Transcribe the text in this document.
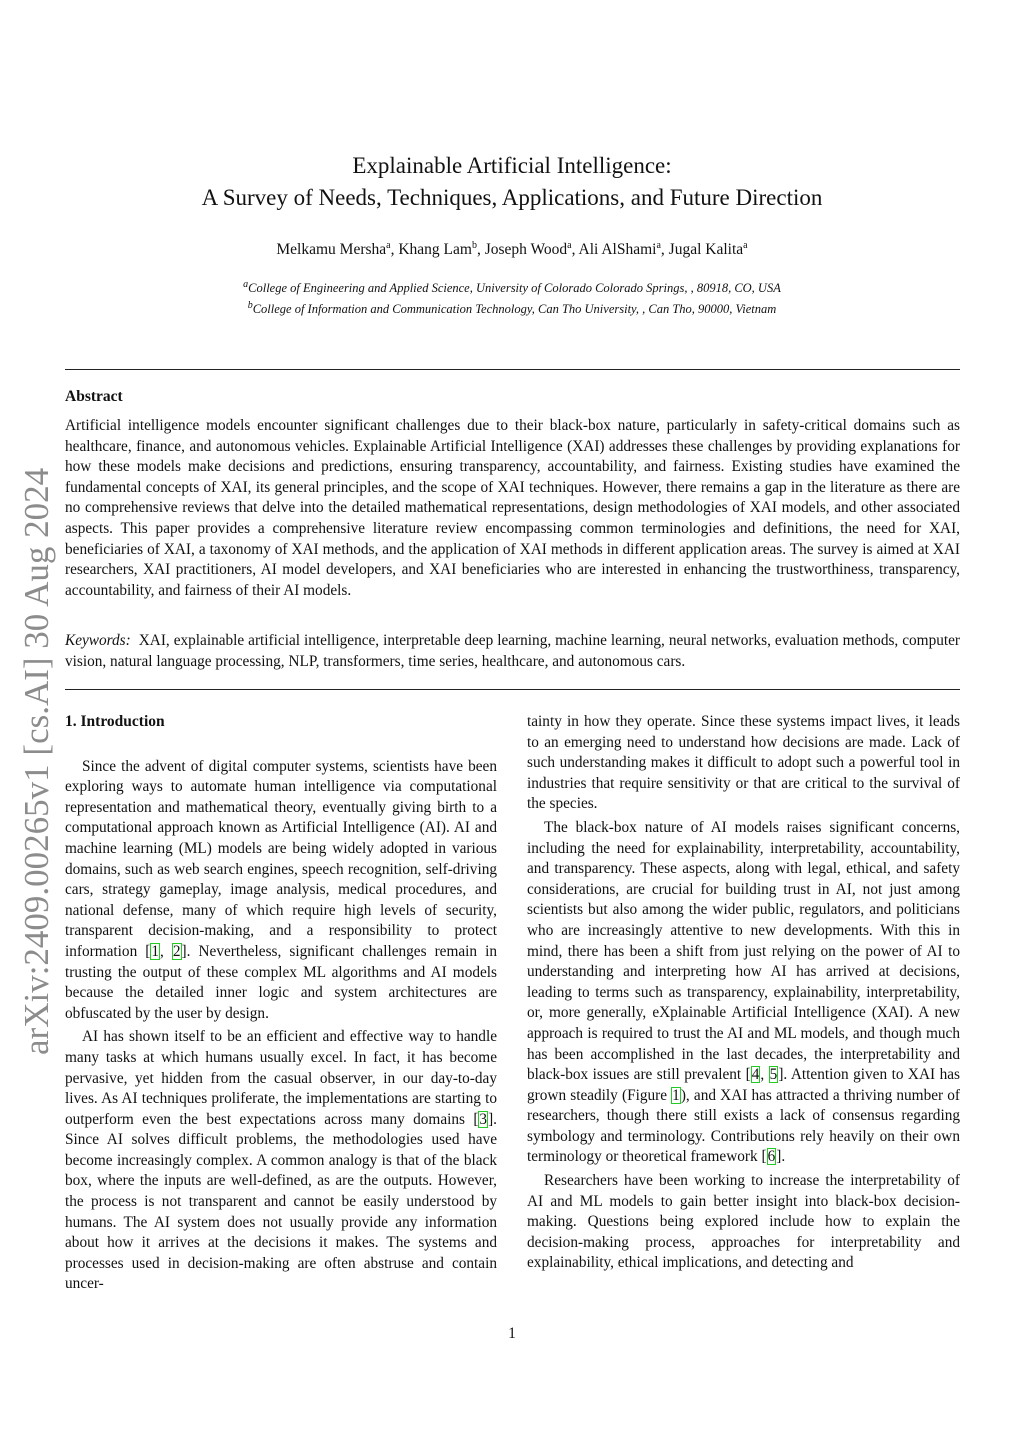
arXiv:2409.00265v1 [cs.AI] 30 Aug 2024
Explainable Artificial Intelligence:
A Survey of Needs, Techniques, Applications, and Future Direction
Melkamu Mersha$^a$, Khang Lam$^b$, Joseph Wood$^a$, Ali AlShami$^a$, Jugal Kalita$^a$
$^a$College of Engineering and Applied Science, University of Colorado Colorado Springs, , 80918, CO, USA
$^b$College of Information and Communication Technology, Can Tho University, , Can Tho, 90000, Vietnam
Abstract
Artificial intelligence models encounter significant challenges due to their black-box nature, particularly in safety-critical domains such as healthcare, finance, and autonomous vehicles. Explainable Artificial Intelligence (XAI) addresses these challenges by providing explanations for how these models make decisions and predictions, ensuring transparency, accountability, and fairness. Existing studies have examined the fundamental concepts of XAI, its general principles, and the scope of XAI techniques. However, there remains a gap in the literature as there are no comprehensive reviews that delve into the detailed mathematical representations, design methodologies of XAI models, and other associated aspects. This paper provides a comprehensive literature review encompassing common terminologies and definitions, the need for XAI, beneficiaries of XAI, a taxonomy of XAI methods, and the application of XAI methods in different application areas. The survey is aimed at XAI researchers, XAI practitioners, AI model developers, and XAI beneficiaries who are interested in enhancing the trustworthiness, transparency, accountability, and fairness of their AI models.
Keywords: XAI, explainable artificial intelligence, interpretable deep learning, machine learning, neural networks, evaluation methods, computer vision, natural language processing, NLP, transformers, time series, healthcare, and autonomous cars.
1. Introduction

Since the advent of digital computer systems, scientists have been exploring ways to automate human intelligence via computational representation and mathematical theory, eventually giving birth to a computational approach known as Artificial Intelligence (AI). AI and machine learning (ML) models are being widely adopted in various domains, such as web search engines, speech recognition, self-driving cars, strategy gameplay, image analysis, medical procedures, and national defense, many of which require high levels of security, transparent decision-making, and a responsibility to protect information [1, 2]. Nevertheless, significant challenges remain in trusting the output of these complex ML algorithms and AI models because the detailed inner logic and system architectures are obfuscated by the user by design.

AI has shown itself to be an efficient and effective way to handle many tasks at which humans usually excel. In fact, it has become pervasive, yet hidden from the casual observer, in our day-to-day lives. As AI techniques proliferate, the implementations are starting to outperform even the best expectations across many domains [3]. Since AI solves difficult problems, the methodologies used have become increasingly complex. A common analogy is that of the black box, where the inputs are well-defined, as are the outputs. However, the process is not transparent and cannot be easily understood by humans. The AI system does not usually provide any information about how it arrives at the decisions it makes. The systems and processes used in decision-making are often abstruse and contain uncer-

tainty in how they operate. Since these systems impact lives, it leads to an emerging need to understand how decisions are made. Lack of such understanding makes it difficult to adopt such a powerful tool in industries that require sensitivity or that are critical to the survival of the species.

The black-box nature of AI models raises significant concerns, including the need for explainability, interpretability, accountability, and transparency. These aspects, along with legal, ethical, and safety considerations, are crucial for building trust in AI, not just among scientists but also among the wider public, regulators, and politicians who are increasingly attentive to new developments. With this in mind, there has been a shift from just relying on the power of AI to understanding and interpreting how AI has arrived at decisions, leading to terms such as transparency, explainability, interpretability, or, more generally, eXplainable Artificial Intelligence (XAI). A new approach is required to trust the AI and ML models, and though much has been accomplished in the last decades, the interpretability and black-box issues are still prevalent [4, 5]. Attention given to XAI has grown steadily (Figure 1), and XAI has attracted a thriving number of researchers, though there still exists a lack of consensus regarding symbology and terminology. Contributions rely heavily on their own terminology or theoretical framework [6].

Researchers have been working to increase the interpretability of AI and ML models to gain better insight into black-box decision-making. Questions being explored include how to explain the decision-making process, approaches for interpretability and explainability, ethical implications, and detecting and

1
